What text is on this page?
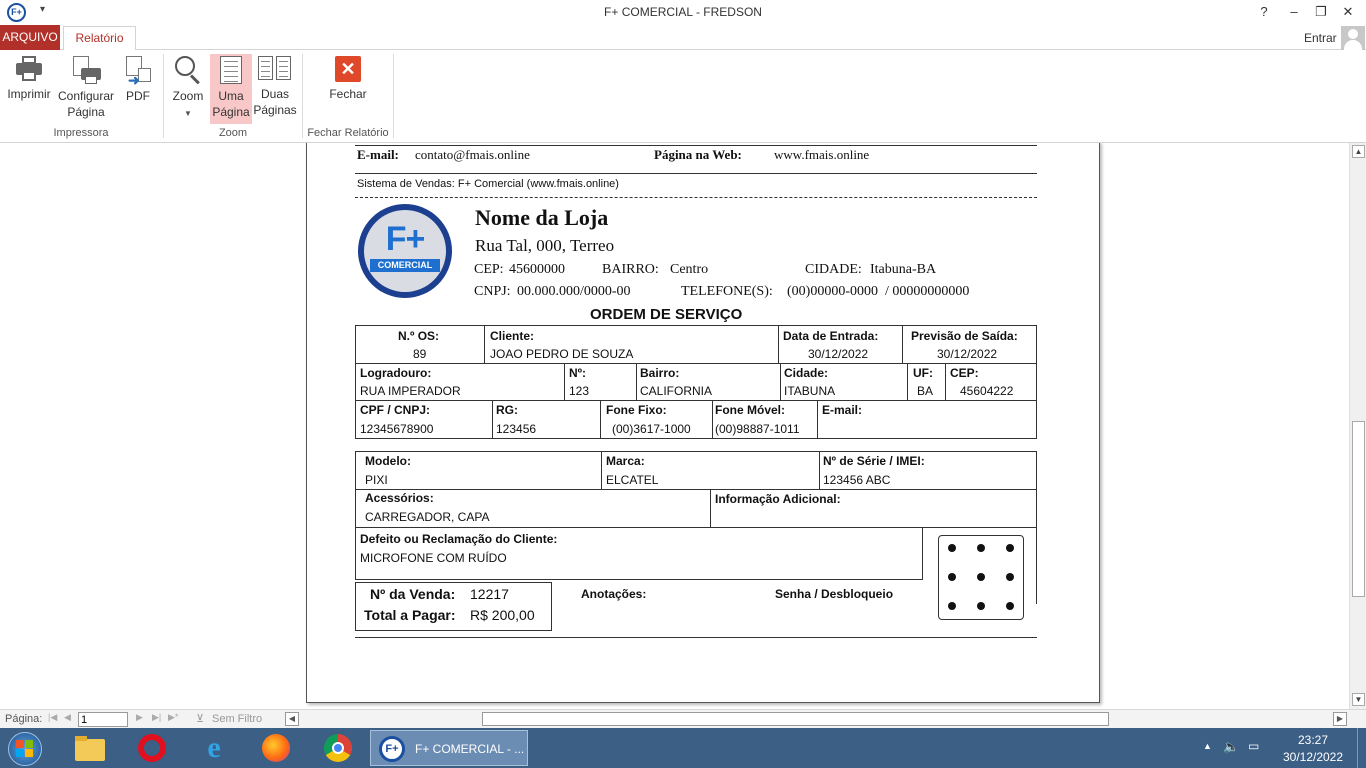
F+	▾	F+ COMERCIAL - FREDSON	?	–	❐	✕
ARQUIVO	Relatório	Entrar
Imprimir Configurar
Página
➜
PDF
Impressora
Zoom
▼
Uma
Página
Duas
Páginas
Zoom
✕
Fechar
Fechar Relatório
E-mail: contato@fmais.online	Página na Web: www.fmais.online
Sistema de Vendas: F+ Comercial (www.fmais.online)
F+
COMERCIAL
Nome da Loja
Rua Tal, 000, Terreo
CEP: 45600000	BAIRRO: Centro	CIDADE: Itabuna-BA
CNPJ: 00.000.000/0000-00	TELEFONE(S): (00)00000-0000  / 00000000000
ORDEM DE SERVIÇO
N.º OS:
89
Cliente:
JOAO PEDRO DE SOUZA
Data de Entrada:
30/12/2022
Previsão de Saída:
30/12/2022
Logradouro:
RUA IMPERADOR
Nº:
123
Bairro:
CALIFORNIA
Cidade:
ITABUNA
UF:
BA
CEP:
45604222
CPF / CNPJ:
12345678900
RG:
123456
Fone Fixo:
(00)3617-1000
Fone Móvel:
(00)98887-1011
E-mail:
Modelo:
PIXI
Marca:
ELCATEL
Nº de Série / IMEI:
123456 ABC
Acessórios:
CARREGADOR, CAPA
Informação Adicional:
Defeito ou Reclamação do Cliente:
MICROFONE COM RUÍDO
Nº da Venda: 12217
Total a Pagar: R$ 200,00
Anotações:	Senha / Desbloqueio
▲
▼
Página: |◀ ◀
1	▶ ▶| ▶* ⊻ Sem Filtro	◀	▶
e	F+	F+ COMERCIAL - ...	▲ 🔈 ▭	23:27
30/12/2022
